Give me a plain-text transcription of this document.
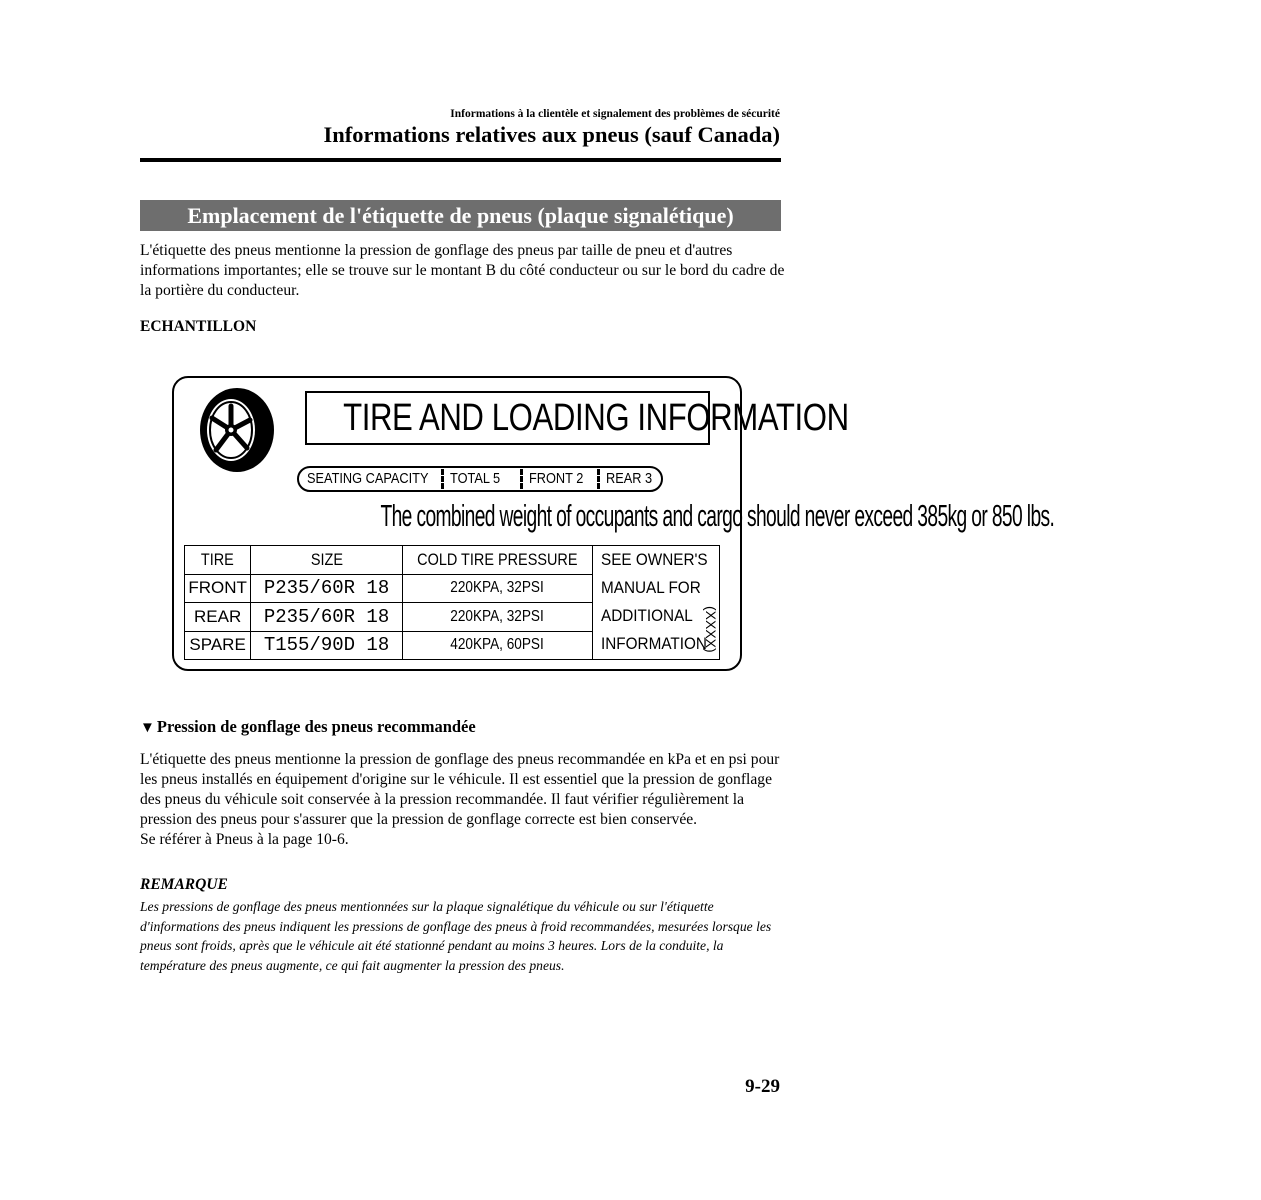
Informations à la clientèle et signalement des problèmes de sécurité
Informations relatives aux pneus (sauf Canada)
Emplacement de l'étiquette de pneus (plaque signalétique)

L'étiquette des pneus mentionne la pression de gonflage des pneus par taille de pneu et d'autres informations importantes; elle se trouve sur le montant B du côté conducteur ou sur le bord du cadre de la portière du conducteur.

ECHANTILLON
TIRE AND LOADING INFORMATION
SEATING CAPACITY TOTAL 5	FRONT 2 REAR 3
The combined weight of occupants and cargo should never exceed 385kg or 850 lbs.
TIRE	SIZE	COLD TIRE PRESSURE	SEE OWNER'S
MANUAL FOR
ADDITIONAL
INFORMATION

FRONT	P235/60R 18	220KPA, 32PSI	
REAR	P235/60R 18	220KPA, 32PSI	
SPARE	T155/90D 18	420KPA, 60PSI		(XXXX)
▼ Pression de gonflage des pneus recommandée

L'étiquette des pneus mentionne la pression de gonflage des pneus recommandée en kPa et en psi pour les pneus installés en équipement d'origine sur le véhicule. Il est essentiel que la pression de gonflage des pneus du véhicule soit conservée à la pression recommandée. Il faut vérifier régulièrement la pression des pneus pour s'assurer que la pression de gonflage correcte est bien conservée.

Se référer à Pneus à la page 10-6.

REMARQUE

Les pressions de gonflage des pneus mentionnées sur la plaque signalétique du véhicule ou sur l'étiquette d'informations des pneus indiquent les pressions de gonflage des pneus à froid recommandées, mesurées lorsque les pneus sont froids, après que le véhicule ait été stationné pendant au moins 3 heures. Lors de la conduite, la température des pneus augmente, ce qui fait augmenter la pression des pneus.

9-29
